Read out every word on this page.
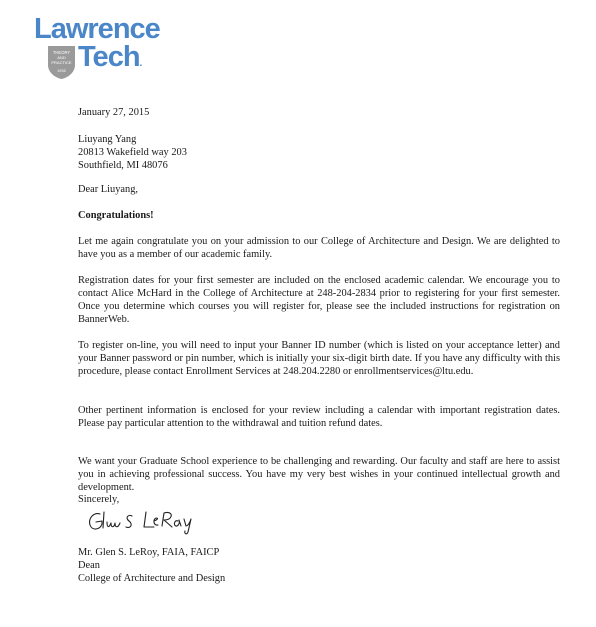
Lawrence
Tech.
THEORY
AND
PRACTICE
1932

January 27, 2015

Liuyang Yang

20813 Wakefield way 203

Southfield, MI 48076

Dear Liuyang,

Congratulations!

Let me again congratulate you on your admission to our College of Architecture and Design. We are delighted to have you as a member of our academic family.

Registration dates for your first semester are included on the enclosed academic calendar. We encourage you to contact Alice McHard in the College of Architecture at 248-204-2834 prior to registering for your first semester. Once you determine which courses you will register for, please see the included instructions for registration on BannerWeb.

To register on-line, you will need to input your Banner ID number (which is listed on your acceptance letter) and your Banner password or pin number, which is initially your six-digit birth date. If you have any difficulty with this procedure, please contact Enrollment Services at 248.204.2280 or enrollmentservices@ltu.edu.

Other pertinent information is enclosed for your review including a calendar with important registration dates. Please pay particular attention to the withdrawal and tuition refund dates.

We want your Graduate School experience to be challenging and rewarding. Our faculty and staff are here to assist you in achieving professional success. You have my very best wishes in your continued intellectual growth and development.

Sincerely,

Mr. Glen S. LeRoy, FAIA, FAICP

Dean

College of Architecture and Design
